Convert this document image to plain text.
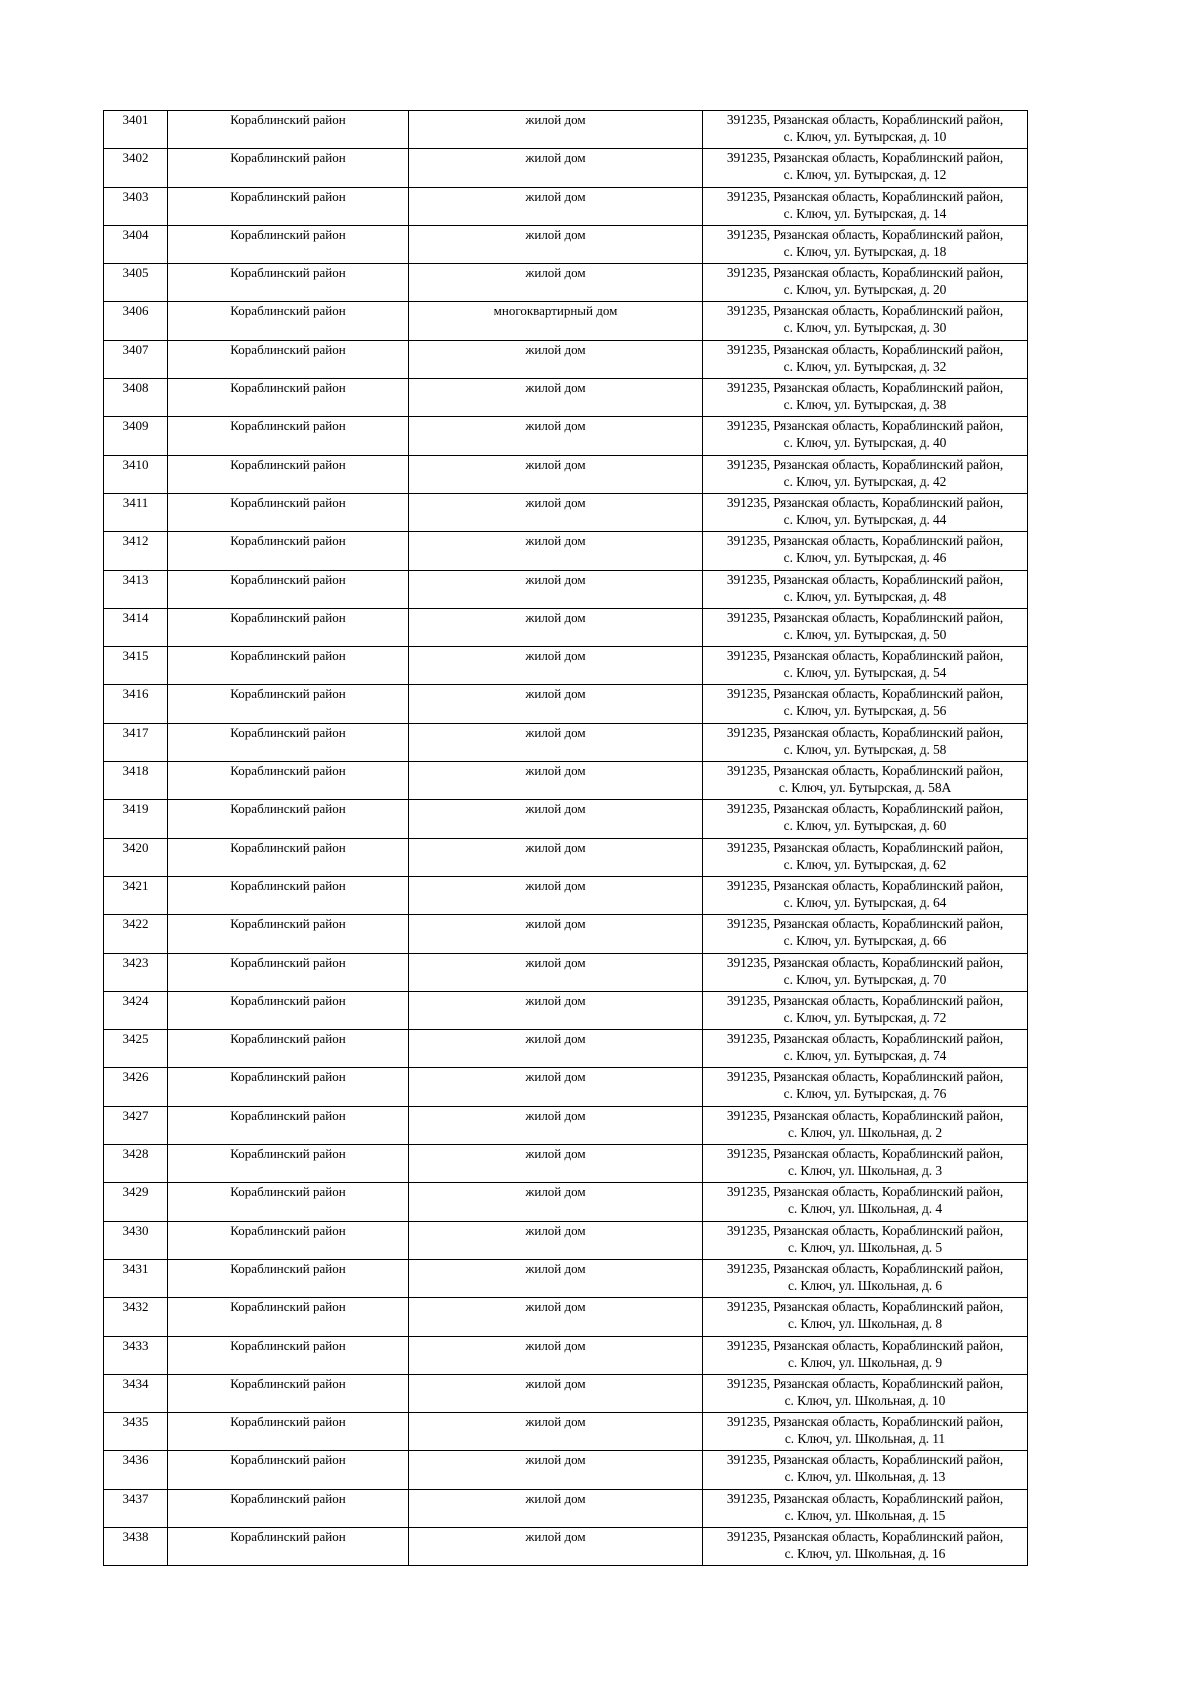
3401	Кораблинский район	жилой дом	391235, Рязанская область, Кораблинский район,
с. Ключ, ул. Бутырская, д. 10

3402	Кораблинский район	жилой дом	391235, Рязанская область, Кораблинский район,
с. Ключ, ул. Бутырская, д. 12

3403	Кораблинский район	жилой дом	391235, Рязанская область, Кораблинский район,
с. Ключ, ул. Бутырская, д. 14

3404	Кораблинский район	жилой дом	391235, Рязанская область, Кораблинский район,
с. Ключ, ул. Бутырская, д. 18

3405	Кораблинский район	жилой дом	391235, Рязанская область, Кораблинский район,
с. Ключ, ул. Бутырская, д. 20

3406	Кораблинский район	многоквартирный дом	391235, Рязанская область, Кораблинский район,
с. Ключ, ул. Бутырская, д. 30

3407	Кораблинский район	жилой дом	391235, Рязанская область, Кораблинский район,
с. Ключ, ул. Бутырская, д. 32

3408	Кораблинский район	жилой дом	391235, Рязанская область, Кораблинский район,
с. Ключ, ул. Бутырская, д. 38

3409	Кораблинский район	жилой дом	391235, Рязанская область, Кораблинский район,
с. Ключ, ул. Бутырская, д. 40

3410	Кораблинский район	жилой дом	391235, Рязанская область, Кораблинский район,
с. Ключ, ул. Бутырская, д. 42

3411	Кораблинский район	жилой дом	391235, Рязанская область, Кораблинский район,
с. Ключ, ул. Бутырская, д. 44

3412	Кораблинский район	жилой дом	391235, Рязанская область, Кораблинский район,
с. Ключ, ул. Бутырская, д. 46

3413	Кораблинский район	жилой дом	391235, Рязанская область, Кораблинский район,
с. Ключ, ул. Бутырская, д. 48

3414	Кораблинский район	жилой дом	391235, Рязанская область, Кораблинский район,
с. Ключ, ул. Бутырская, д. 50

3415	Кораблинский район	жилой дом	391235, Рязанская область, Кораблинский район,
с. Ключ, ул. Бутырская, д. 54

3416	Кораблинский район	жилой дом	391235, Рязанская область, Кораблинский район,
с. Ключ, ул. Бутырская, д. 56

3417	Кораблинский район	жилой дом	391235, Рязанская область, Кораблинский район,
с. Ключ, ул. Бутырская, д. 58

3418	Кораблинский район	жилой дом	391235, Рязанская область, Кораблинский район,
с. Ключ, ул. Бутырская, д. 58А

3419	Кораблинский район	жилой дом	391235, Рязанская область, Кораблинский район,
с. Ключ, ул. Бутырская, д. 60

3420	Кораблинский район	жилой дом	391235, Рязанская область, Кораблинский район,
с. Ключ, ул. Бутырская, д. 62

3421	Кораблинский район	жилой дом	391235, Рязанская область, Кораблинский район,
с. Ключ, ул. Бутырская, д. 64

3422	Кораблинский район	жилой дом	391235, Рязанская область, Кораблинский район,
с. Ключ, ул. Бутырская, д. 66

3423	Кораблинский район	жилой дом	391235, Рязанская область, Кораблинский район,
с. Ключ, ул. Бутырская, д. 70

3424	Кораблинский район	жилой дом	391235, Рязанская область, Кораблинский район,
с. Ключ, ул. Бутырская, д. 72

3425	Кораблинский район	жилой дом	391235, Рязанская область, Кораблинский район,
с. Ключ, ул. Бутырская, д. 74

3426	Кораблинский район	жилой дом	391235, Рязанская область, Кораблинский район,
с. Ключ, ул. Бутырская, д. 76

3427	Кораблинский район	жилой дом	391235, Рязанская область, Кораблинский район,
с. Ключ, ул. Школьная, д. 2

3428	Кораблинский район	жилой дом	391235, Рязанская область, Кораблинский район,
с. Ключ, ул. Школьная, д. 3

3429	Кораблинский район	жилой дом	391235, Рязанская область, Кораблинский район,
с. Ключ, ул. Школьная, д. 4

3430	Кораблинский район	жилой дом	391235, Рязанская область, Кораблинский район,
с. Ключ, ул. Школьная, д. 5

3431	Кораблинский район	жилой дом	391235, Рязанская область, Кораблинский район,
с. Ключ, ул. Школьная, д. 6

3432	Кораблинский район	жилой дом	391235, Рязанская область, Кораблинский район,
с. Ключ, ул. Школьная, д. 8

3433	Кораблинский район	жилой дом	391235, Рязанская область, Кораблинский район,
с. Ключ, ул. Школьная, д. 9

3434	Кораблинский район	жилой дом	391235, Рязанская область, Кораблинский район,
с. Ключ, ул. Школьная, д. 10

3435	Кораблинский район	жилой дом	391235, Рязанская область, Кораблинский район,
с. Ключ, ул. Школьная, д. 11

3436	Кораблинский район	жилой дом	391235, Рязанская область, Кораблинский район,
с. Ключ, ул. Школьная, д. 13

3437	Кораблинский район	жилой дом	391235, Рязанская область, Кораблинский район,
с. Ключ, ул. Школьная, д. 15

3438	Кораблинский район	жилой дом	391235, Рязанская область, Кораблинский район,
с. Ключ, ул. Школьная, д. 16
